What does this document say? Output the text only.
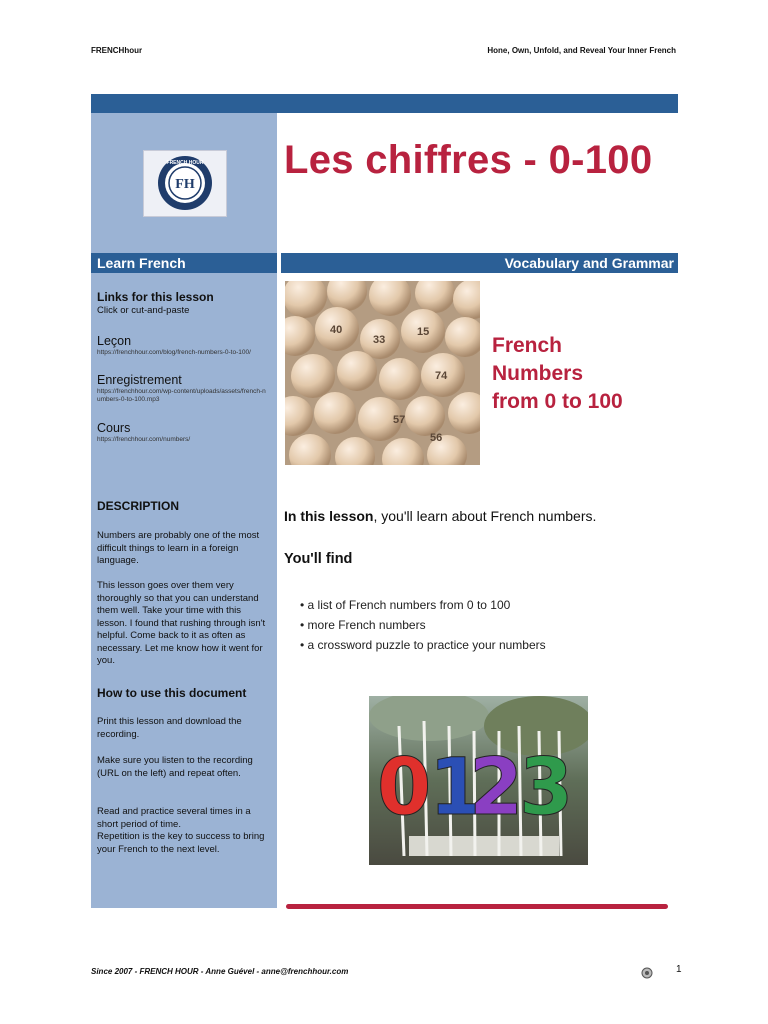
FRENCHhour	Hone, Own, Unfold, and Reveal Your Inner French
FH
FRENCH HOUR Les chiffres - 0-100
Learn French	Vocabulary and Grammar
Links for this lesson
Click or cut-and-paste
Leçon
https://frenchhour.com/blog/french-numbers-0-to-100/
Enregistrement
https://frenchhour.com/wp-content/uploads/assets/french-numbers-0-to-100.mp3
Cours
https://frenchhour.com/numbers/
DESCRIPTION
Numbers are probably one of the most difficult things to learn in a foreign language.
This lesson goes over them very thoroughly so that you can understand them well. Take your time with this lesson. I found that rushing through isn't helpful. Come back to it as often as necessary. Let me know how it went for you.
How to use this document
Print this lesson and download the recording.
Make sure you listen to the recording (URL on the left) and repeat often.
Read and practice several times in a short period of time.
Repetition is the key to success to bring your French to the next level.
40	15
33
74
56
57
French
Numbers
from 0 to 100
In this lesson, you'll learn about French numbers.
You'll find
• a list of French numbers from 0 to 100
• more French numbers
• a crossword puzzle to practice your numbers
0
1
2
3
Since 2007 - FRENCH HOUR - Anne Guével - anne@frenchhour.com	1
